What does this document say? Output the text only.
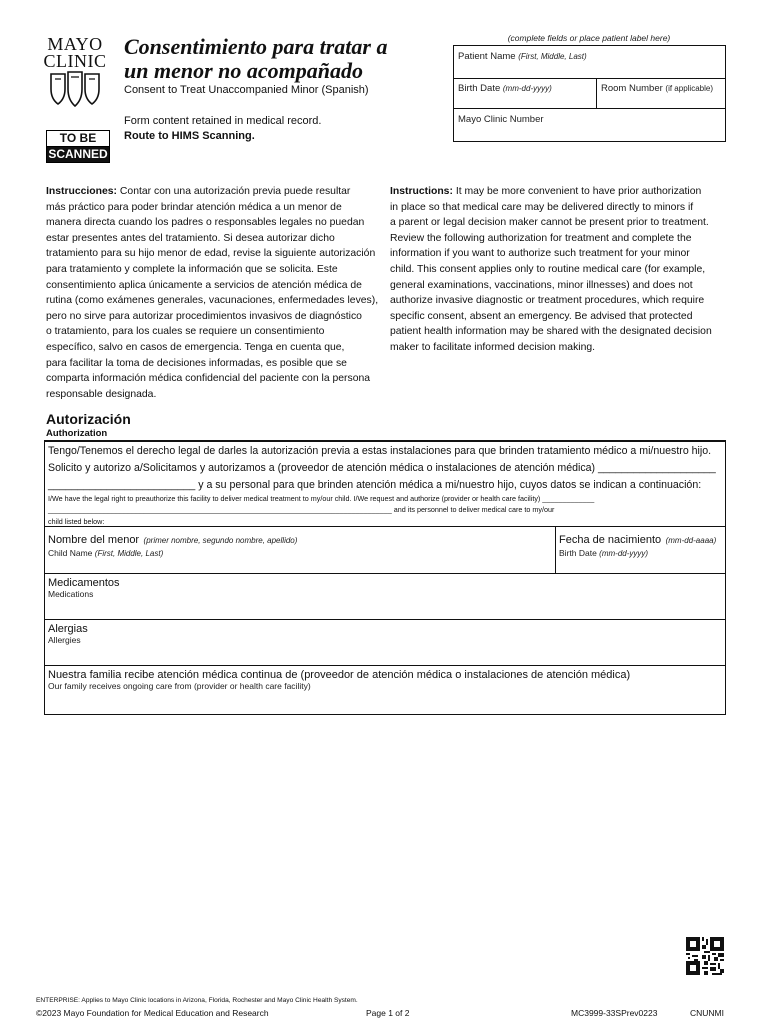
MAYO
CLINIC
TO BE
SCANNED
Consentimiento para tratar a
un menor no acompañado
Consent to Treat Unaccompanied Minor (Spanish)
Form content retained in medical record.
Route to HIMS Scanning.
(complete fields or place patient label here)
Patient Name (First, Middle, Last)
Birth Date (mm-dd-yyyy)	Room Number (if applicable)
Mayo Clinic Number
Instrucciones: Contar con una autorización previa puede resultar
más práctico para poder brindar atención médica a un menor de
manera directa cuando los padres o responsables legales no puedan
estar presentes antes del tratamiento. Si desea autorizar dicho
tratamiento para su hijo menor de edad, revise la siguiente autorización
para tratamiento y complete la información que se solicita. Este
consentimiento aplica únicamente a servicios de atención médica de
rutina (como exámenes generales, vacunaciones, enfermedades leves),
pero no sirve para autorizar procedimientos invasivos de diagnóstico
o tratamiento, para los cuales se requiere un consentimiento
específico, salvo en casos de emergencia. Tenga en cuenta que,
para facilitar la toma de decisiones informadas, es posible que se
comparta información médica confidencial del paciente con la persona
responsable designada.
Instructions: It may be more convenient to have prior authorization
in place so that medical care may be delivered directly to minors if
a parent or legal decision maker cannot be present prior to treatment.
Review the following authorization for treatment and complete the
information if you want to authorize such treatment for your minor
child. This consent applies only to routine medical care (for example,
general examinations, vaccinations, minor illnesses) and does not
authorize invasive diagnostic or treatment procedures, which require
specific consent, absent an emergency. Be advised that protected
patient health information may be shared with the designated decision
maker to facilitate informed decision making.
Autorización
Authorization
Tengo/Tenemos el derecho legal de darles la autorización previa a estas instalaciones para que brinden tratamiento médico a mi/nuestro hijo.
Solicito y autorizo a/Solicitamos y autorizamos a (proveedor de atención médica o instalaciones de atención médica) ____________________
_________________________ y a su personal para que brinden atención médica a mi/nuestro hijo, cuyos datos se indican a continuación:
I/We have the legal right to preauthorize this facility to deliver medical treatment to my/our child. I/We request and authorize (provider or health care facility) _____________
______________________________________________________________________________________ and its personnel to deliver medical care to my/our
child listed below:
Nombre del menor (primer nombre, segundo nombre, apellido)
Child Name (First, Middle, Last)
Fecha de nacimiento (mm-dd-aaaa)
Birth Date (mm-dd-yyyy)
Medicamentos
Medications
Alergias
Allergies
Nuestra familia recibe atención médica continua de (proveedor de atención médica o instalaciones de atención médica)
Our family receives ongoing care from (provider or health care facility)
ENTERPRISE: Applies to Mayo Clinic locations in Arizona, Florida, Rochester and Mayo Clinic Health System.
©2023 Mayo Foundation for Medical Education and Research	Page 1 of 2	MC3999-33SPrev0223	CNUNMI
